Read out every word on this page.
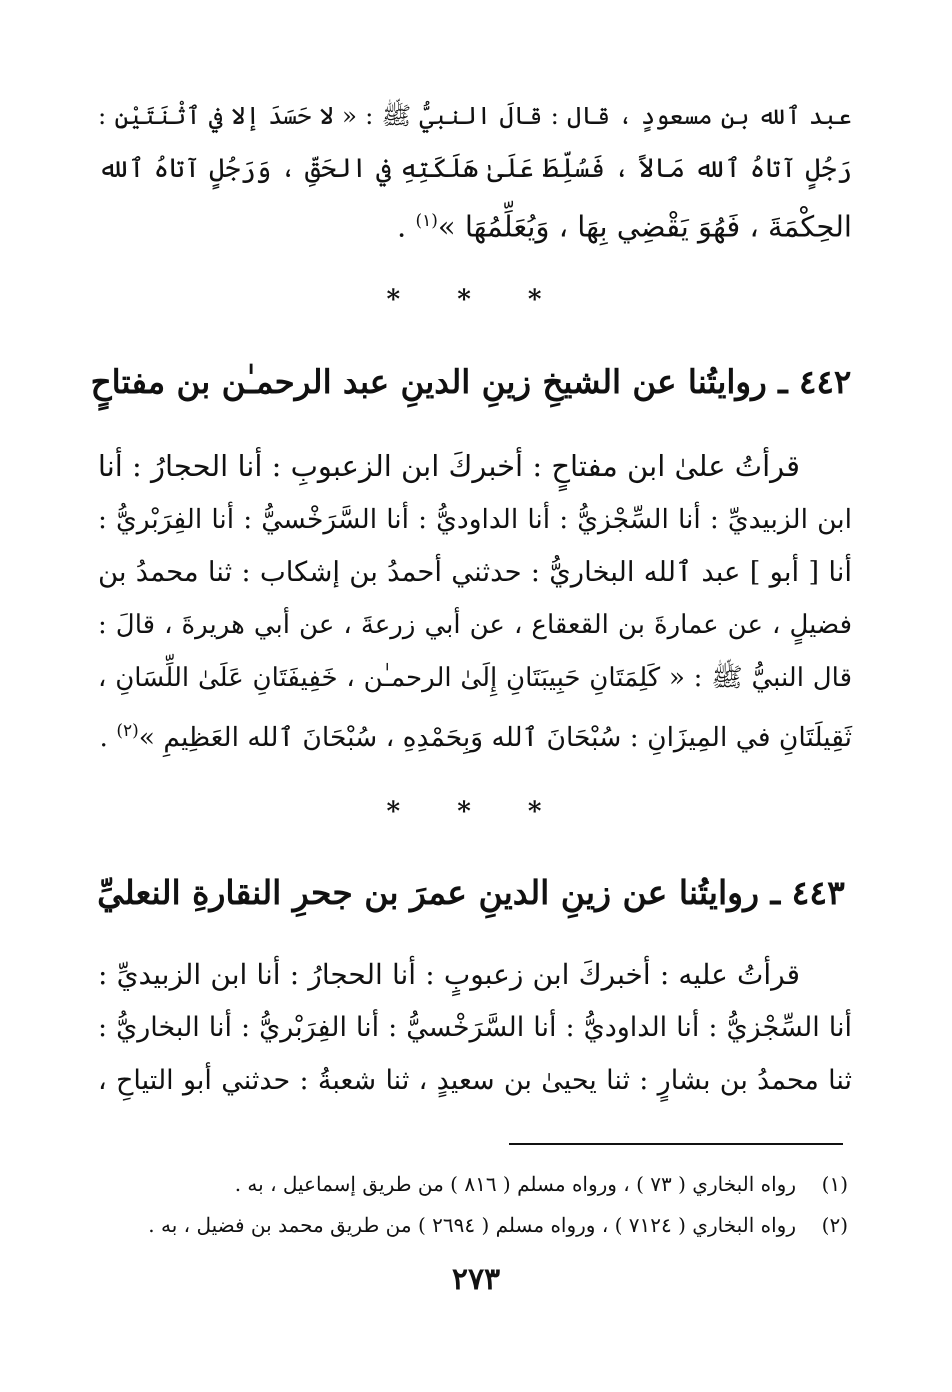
عبد ٱلله بن مسعودٍ ، قال : قالَ النبيُّ ﷺ : « لا حَسَدَ إلا في ٱثْنَتَيْنِ :
رَجُلٍ آتاهُ ٱلله مَالاً ، فَسُلِّطَ عَلَىٰ هَلَكَتِهِ في الحَقِّ ، وَرَجُلٍ آتاهُ ٱلله
الحِكْمَةَ ، فَهُوَ يَقْضِي بِهَا ، وَيُعَلِّمُهَا »$^{(١)}$ .
* * *
٤٤٢ ـ روايتُنا عن الشيخِ زينِ الدينِ عبد الرحمـٰن بن مفتاحٍ
قرأتُ علىٰ ابن مفتاحٍ : أخبركَ ابن الزعبوبِ : أنا الحجارُ : أنا
ابن الزبيديِّ : أنا السِّجْزيُّ : أنا الداوديُّ : أنا السَّرَخْسيُّ : أنا الفِرَبْريُّ :
أنا [ أبو ] عبد ٱلله البخاريُّ : حدثني أحمدُ بن إشكاب : ثنا محمدُ بن
فضيلٍ ، عن عمارةَ بن القعقاع ، عن أبي زرعةَ ، عن أبي هريرةَ ، قالَ :
قال النبيُّ ﷺ : « كَلِمَتَانِ حَبِيبَتَانِ إِلَىٰ الرحمـٰن ، خَفِيفَتَانِ عَلَىٰ اللِّسَانِ ،
ثَقِيلَتَانِ في المِيزَانِ : سُبْحَانَ ٱلله وَبِحَمْدِهِ ، سُبْحَانَ ٱلله العَظِيمِ »$^{(٢)}$ .
* * *
٤٤٣ ـ روايتُنا عن زينِ الدينِ عمرَ بن جحرِ النقارةِ النعليِّ
قرأتُ عليه : أخبركَ ابن زعبوبٍ : أنا الحجارُ : أنا ابن الزبيديِّ :
أنا السِّجْزيُّ : أنا الداوديُّ : أنا السَّرَخْسيُّ : أنا الفِرَبْريُّ : أنا البخاريُّ :
ثنا محمدُ بن بشارٍ : ثنا يحيىٰ بن سعيدٍ ، ثنا شعبةُ : حدثني أبو التياحِ ،
(١)رواه البخاري ( ٧٣ ) ، ورواه مسلم ( ٨١٦ ) من طريق إسماعيل ، به .
(٢)رواه البخاري ( ٧١٢٤ ) ، ورواه مسلم ( ٢٦٩٤ ) من طريق محمد بن فضيل ، به .
٢٧٣
